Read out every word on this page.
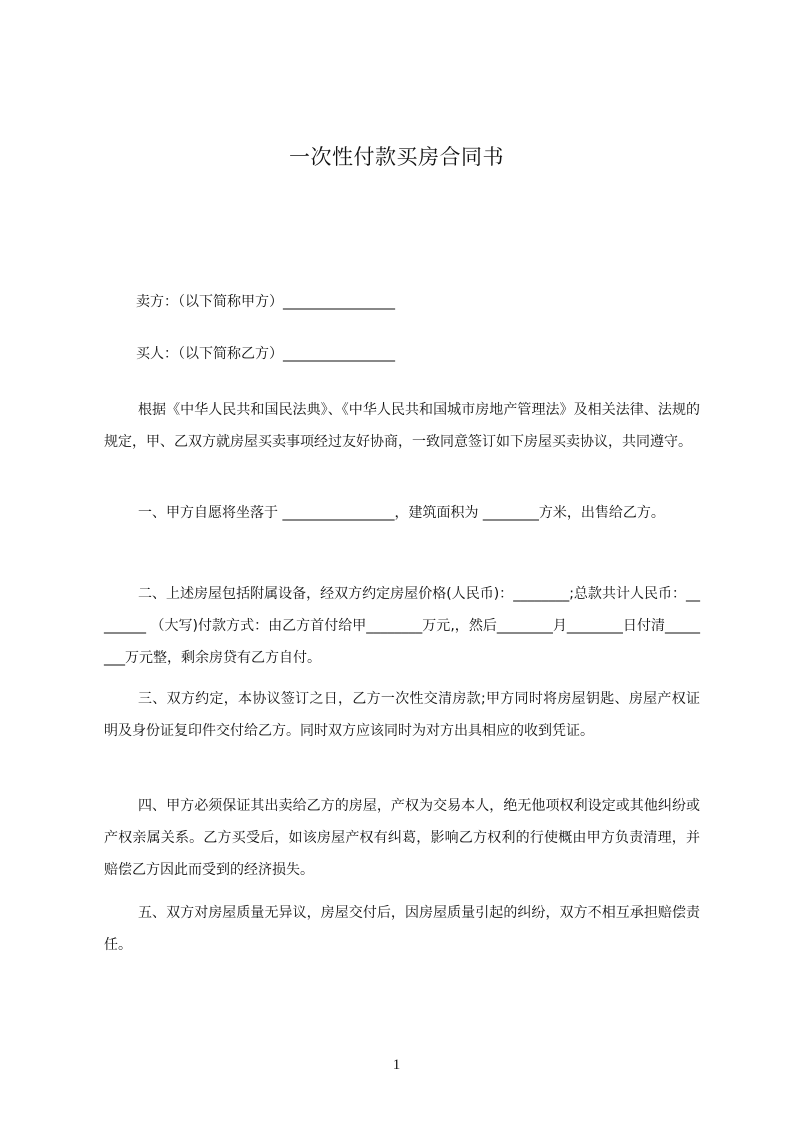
一次性付款买房合同书
卖方：（以下简称甲方）________________
买人：（以下简称乙方）________________

根据《中华人民共和国民法典》、《中华人民共和国城市房地产管理法》及相关法律、法规的规定，甲、乙双方就房屋买卖事项经过友好协商，一致同意签订如下房屋买卖协议，共同遵守。

一、甲方自愿将坐落于 ________________，建筑面积为 ________方米，出售给乙方。

二、上述房屋包括附属设备，经双方约定房屋价格(人民币)：________;总款共计人民币：________ （大写)付款方式：由乙方首付给甲________万元,，然后________月________日付清________万元整，剩余房贷有乙方自付。

三、双方约定，本协议签订之日，乙方一次性交清房款;甲方同时将房屋钥匙、房屋产权证明及身份证复印件交付给乙方。同时双方应该同时为对方出具相应的收到凭证。

四、甲方必须保证其出卖给乙方的房屋，产权为交易本人，绝无他项权利设定或其他纠纷或产权亲属关系。乙方买受后，如该房屋产权有纠葛，影响乙方权利的行使概由甲方负责清理，并赔偿乙方因此而受到的经济损失。

五、双方对房屋质量无异议，房屋交付后，因房屋质量引起的纠纷，双方不相互承担赔偿责任。

1
